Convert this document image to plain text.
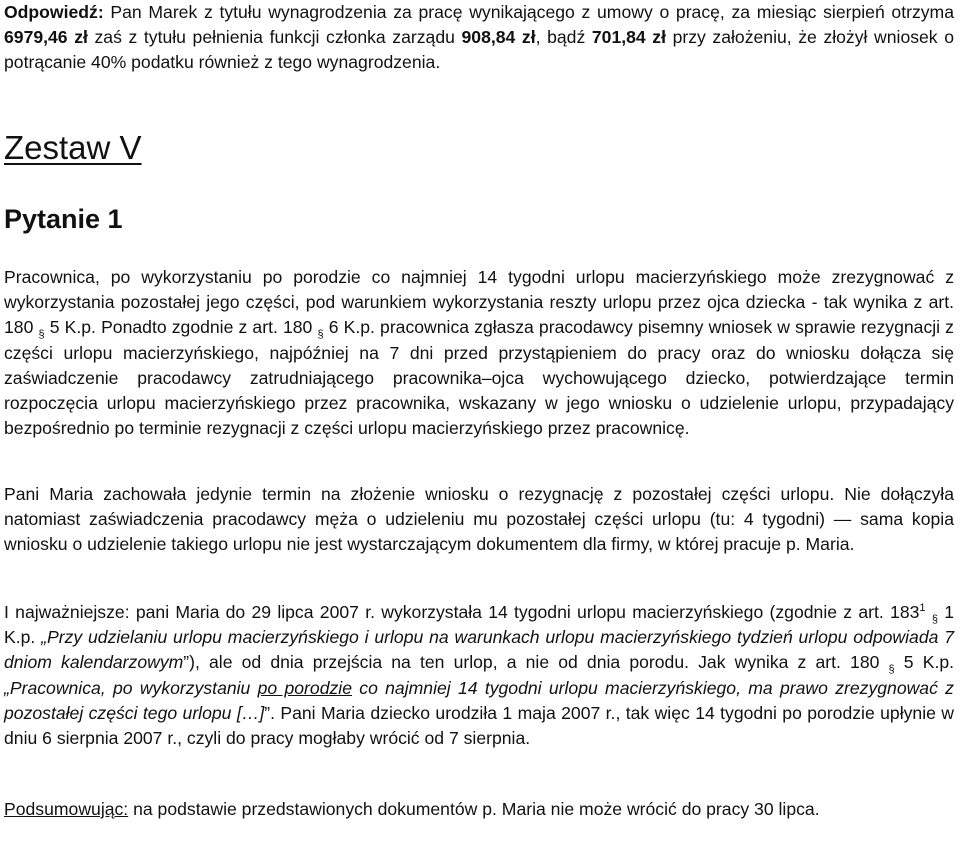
Odpowiedź: Pan Marek z tytułu wynagrodzenia za pracę wynikającego z umowy o pracę, za miesiąc sierpień otrzyma 6979,46 zł zaś z tytułu pełnienia funkcji członka zarządu 908,84 zł, bądź 701,84 zł przy założeniu, że złożył wniosek o potrącanie 40% podatku również z tego wynagrodzenia.

Zestaw V
Pytanie 1

Pracownica, po wykorzystaniu po porodzie co najmniej 14 tygodni urlopu macierzyńskiego może zrezygnować z wykorzystania pozostałej jego części, pod warunkiem wykorzystania reszty urlopu przez ojca dziecka - tak wynika z art. 180 $_\S$ 5 K.p. Ponadto zgodnie z art. 180 $_\S$ 6 K.p. pracownica zgłasza pracodawcy pisemny wniosek w sprawie rezygnacji z części urlopu macierzyńskiego, najpóźniej na 7 dni przed przystąpieniem do pracy oraz do wniosku dołącza się zaświadczenie pracodawcy zatrudniającego pracownika–ojca wychowującego dziecko, potwierdzające termin rozpoczęcia urlopu macierzyńskiego przez pracownika, wskazany w jego wniosku o udzielenie urlopu, przypadający bezpośrednio po terminie rezygnacji z części urlopu macierzyńskiego przez pracownicę.

Pani Maria zachowała jedynie termin na złożenie wniosku o rezygnację z pozostałej części urlopu. Nie dołączyła natomiast zaświadczenia pracodawcy męża o udzieleniu mu pozostałej części urlopu (tu: 4 tygodni) — sama kopia wniosku o udzielenie takiego urlopu nie jest wystarczającym dokumentem dla firmy, w której pracuje p. Maria.

I najważniejsze: pani Maria do 29 lipca 2007 r. wykorzystała 14 tygodni urlopu macierzyńskiego (zgodnie z art. $183^1$ $_\S$ 1 K.p. „Przy udzielaniu urlopu macierzyńskiego i urlopu na warunkach urlopu macierzyńskiego tydzień urlopu odpowiada 7 dniom kalendarzowym”), ale od dnia przejścia na ten urlop, a nie od dnia porodu. Jak wynika z art. 180 $_\S$ 5 K.p. „Pracownica, po wykorzystaniu po porodzie co najmniej 14 tygodni urlopu macierzyńskiego, ma prawo zrezygnować z pozostałej części tego urlopu […]”. Pani Maria dziecko urodziła 1 maja 2007 r., tak więc 14 tygodni po porodzie upłynie w dniu 6 sierpnia 2007 r., czyli do pracy mogłaby wrócić od 7 sierpnia.

Podsumowując: na podstawie przedstawionych dokumentów p. Maria nie może wrócić do pracy 30 lipca.
